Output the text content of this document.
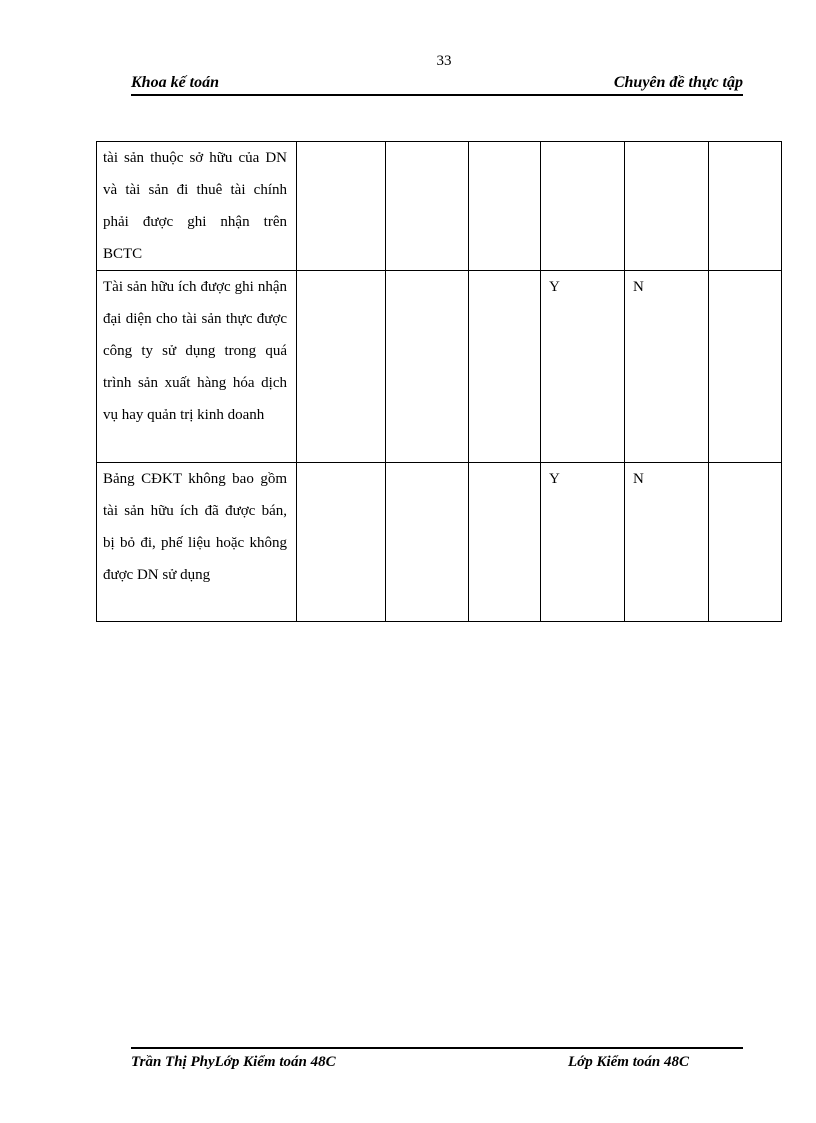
33
Khoa kế toán	Chuyên đề thực tập
tài sản thuộc sở hữu của DN và tài sản đi thuê tài chính phải được ghi nhận trên BCTC						
Tài sản hữu ích được ghi nhận đại diện cho tài sản thực được công ty sử dụng trong quá trình sản xuất hàng hóa dịch vụ hay quản trị kinh doanh				Y	N	
Bảng CĐKT không bao gồm tài sản hữu ích đã được bán, bị bỏ đi, phế liệu hoặc không được DN sử dụng				Y	N	
Trần Thị PhyLớp Kiểm toán 48C	Lớp Kiểm toán 48C
